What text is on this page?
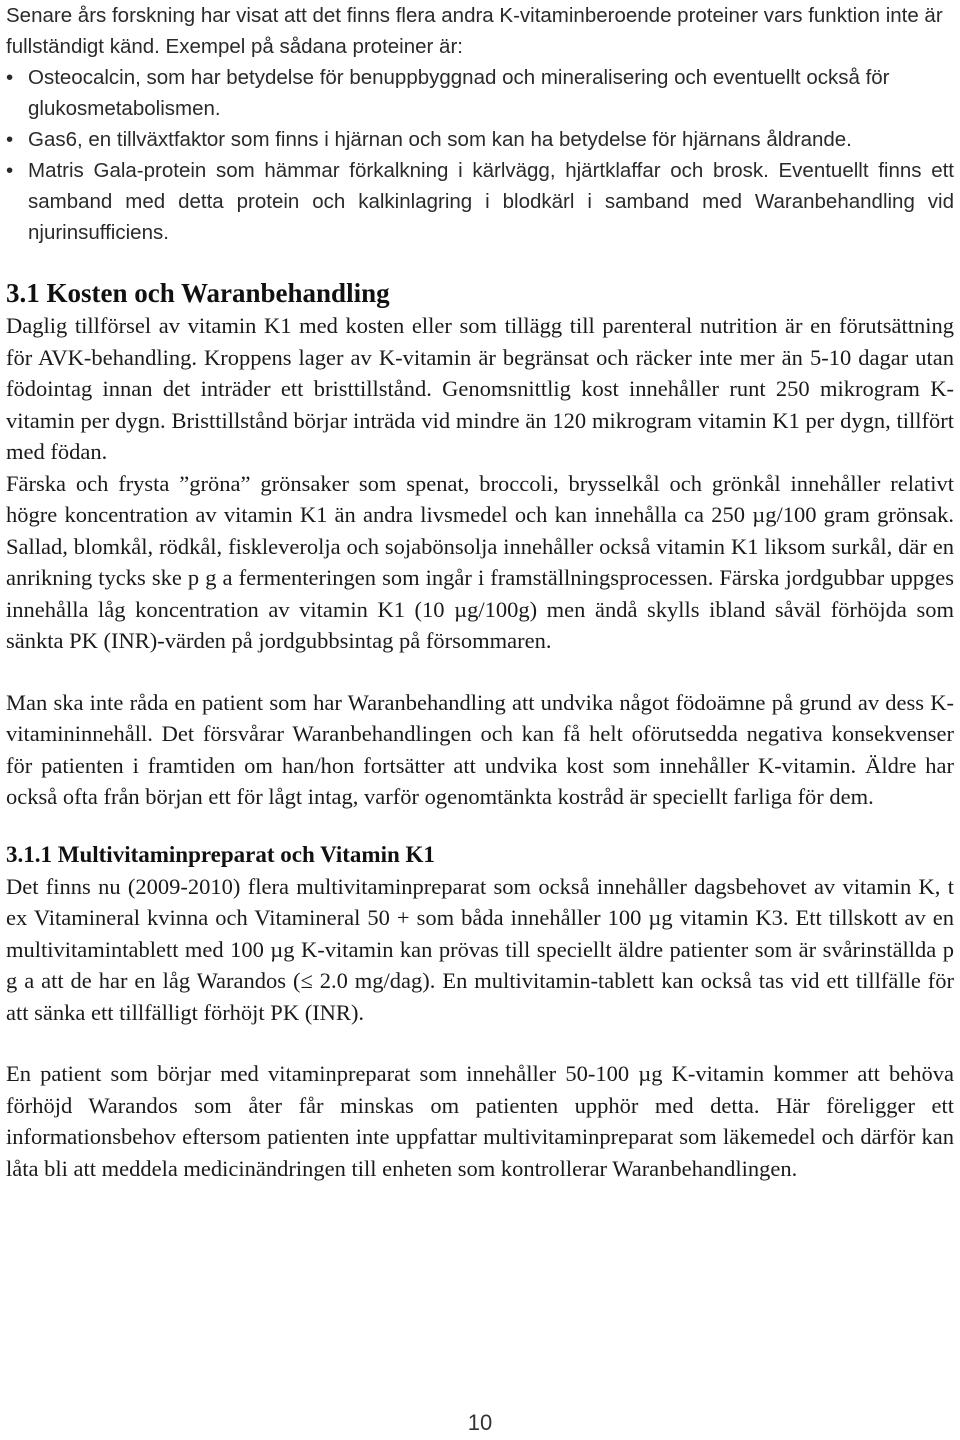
Senare års forskning har visat att det finns flera andra K-vitaminberoende proteiner vars funktion inte är fullständigt känd. Exempel på sådana proteiner är:

• Osteocalcin, som har betydelse för benuppbyggnad och mineralisering och eventuellt också för glukosmetabolismen.
• Gas6, en tillväxtfaktor som finns i hjärnan och som kan ha betydelse för hjärnans åldrande.
• Matris Gala-protein som hämmar förkalkning i kärlvägg, hjärtklaffar och brosk. Eventuellt finns ett samband med detta protein och kalkinlagring i blodkärl i samband med Waranbehandling vid njurinsufficiens.
3.1 Kosten och Waranbehandling

Daglig tillförsel av vitamin K1 med kosten eller som tillägg till parenteral nutrition är en förutsättning för AVK-behandling. Kroppens lager av K-vitamin är begränsat och räcker inte mer än 5-10 dagar utan födointag innan det inträder ett bristtillstånd. Genomsnittlig kost innehåller runt 250 mikrogram K-vitamin per dygn. Bristtillstånd börjar inträda vid mindre än 120 mikrogram vitamin K1 per dygn, tillfört med födan.

Färska och frysta ”gröna” grönsaker som spenat, broccoli, brysselkål och grönkål innehåller relativt högre koncentration av vitamin K1 än andra livsmedel och kan innehålla ca 250 µg/100 gram grönsak. Sallad, blomkål, rödkål, fiskleverolja och sojabönsolja innehåller också vitamin K1 liksom surkål, där en anrikning tycks ske p g a fermenteringen som ingår i framställningsprocessen. Färska jordgubbar uppges innehålla låg koncentration av vitamin K1 (10 µg/100g) men ändå skylls ibland såväl förhöjda som sänkta PK (INR)-värden på jordgubbsintag på försommaren.

Man ska inte råda en patient som har Waranbehandling att undvika något födoämne på grund av dess K-vitamininnehåll. Det försvårar Waranbehandlingen och kan få helt oförutsedda negativa konsekvenser för patienten i framtiden om han/hon fortsätter att undvika kost som innehåller K-vitamin. Äldre har också ofta från början ett för lågt intag, varför ogenomtänkta kostråd är speciellt farliga för dem.

3.1.1 Multivitaminpreparat och Vitamin K1

Det finns nu (2009-2010) flera multivitaminpreparat som också innehåller dagsbehovet av vitamin K, t ex Vitamineral kvinna och Vitamineral 50 + som båda innehåller 100 µg vitamin K3. Ett tillskott av en multivitamintablett med 100 µg K-vitamin kan prövas till speciellt äldre patienter som är svårinställda p g a att de har en låg Warandos (≤ 2.0 mg/dag). En multivitamin-tablett kan också tas vid ett tillfälle för att sänka ett tillfälligt förhöjt PK (INR).

En patient som börjar med vitaminpreparat som innehåller 50-100 µg K-vitamin kommer att behöva förhöjd Warandos som åter får minskas om patienten upphör med detta. Här föreligger ett informationsbehov eftersom patienten inte uppfattar multivitaminpreparat som läkemedel och därför kan låta bli att meddela medicinändringen till enheten som kontrollerar Waranbehandlingen.

10
